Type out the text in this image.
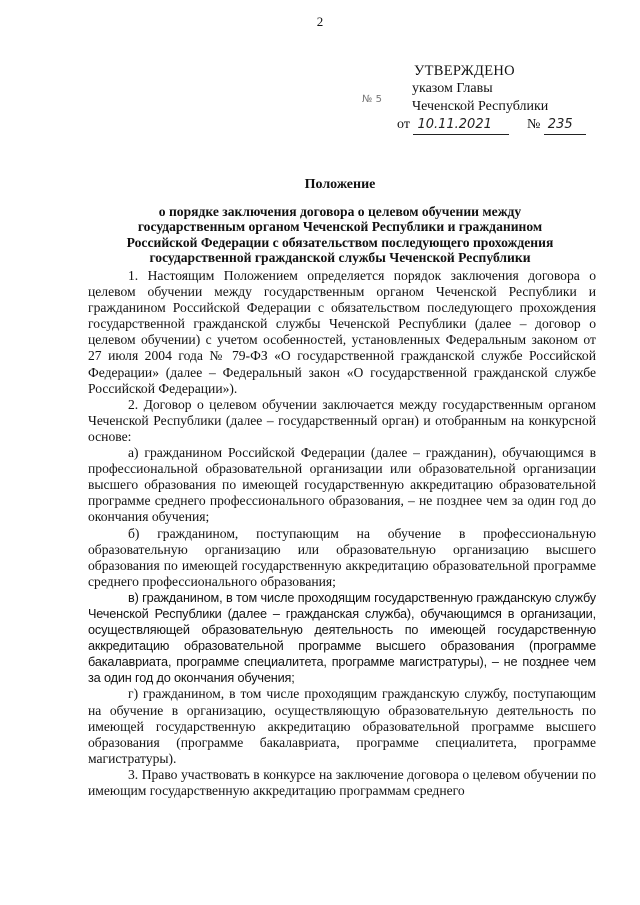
2
№ 5
УТВЕРЖДЕНО
указом Главы
Чеченской Республики
от 10.11.2021	№ 235
Положение
о порядке заключения договора о целевом обучении между
государственным органом Чеченской Республики и гражданином
Российской Федерации с обязательством последующего прохождения
государственной гражданской службы Чеченской Республики

1. Настоящим Положением определяется порядок заключения договора о целевом обучении между государственным органом Чеченской Республики и гражданином Российской Федерации с обязательством последующего прохождения государственной гражданской службы Чеченской Республики (далее – договор о целевом обучении) с учетом особенностей, установленных Федеральным законом от 27 июля 2004 года № 79-ФЗ «О государственной гражданской службе Российской Федерации» (далее – Федеральный закон «О государственной гражданской службе Российской Федерации»).

2. Договор о целевом обучении заключается между государственным органом Чеченской Республики (далее – государственный орган) и отобранным на конкурсной основе:

а) гражданином Российской Федерации (далее – гражданин), обучающимся в профессиональной образовательной организации или образовательной организации высшего образования по имеющей государственную аккредитацию образовательной программе среднего профессионального образования, – не позднее чем за один год до окончания обучения;

б) гражданином, поступающим на обучение в профессиональную образовательную организацию или образовательную организацию высшего образования по имеющей государственную аккредитацию образовательной программе среднего профессионального образования;

в) гражданином, в том числе проходящим государственную гражданскую службу Чеченской Республики (далее – гражданская служба), обучающимся в организации, осуществляющей образовательную деятельность по имеющей государственную аккредитацию образовательной программе высшего образования (программе бакалавриата, программе специалитета, программе магистратуры), – не позднее чем за один год до окончания обучения;

г) гражданином, в том числе проходящим гражданскую службу, поступающим на обучение в организацию, осуществляющую образовательную деятельность по имеющей государственную аккредитацию образовательной программе высшего образования (программе бакалавриата, программе специалитета, программе магистратуры).

3. Право участвовать в конкурсе на заключение договора о целевом обучении по имеющим государственную аккредитацию программам среднего
